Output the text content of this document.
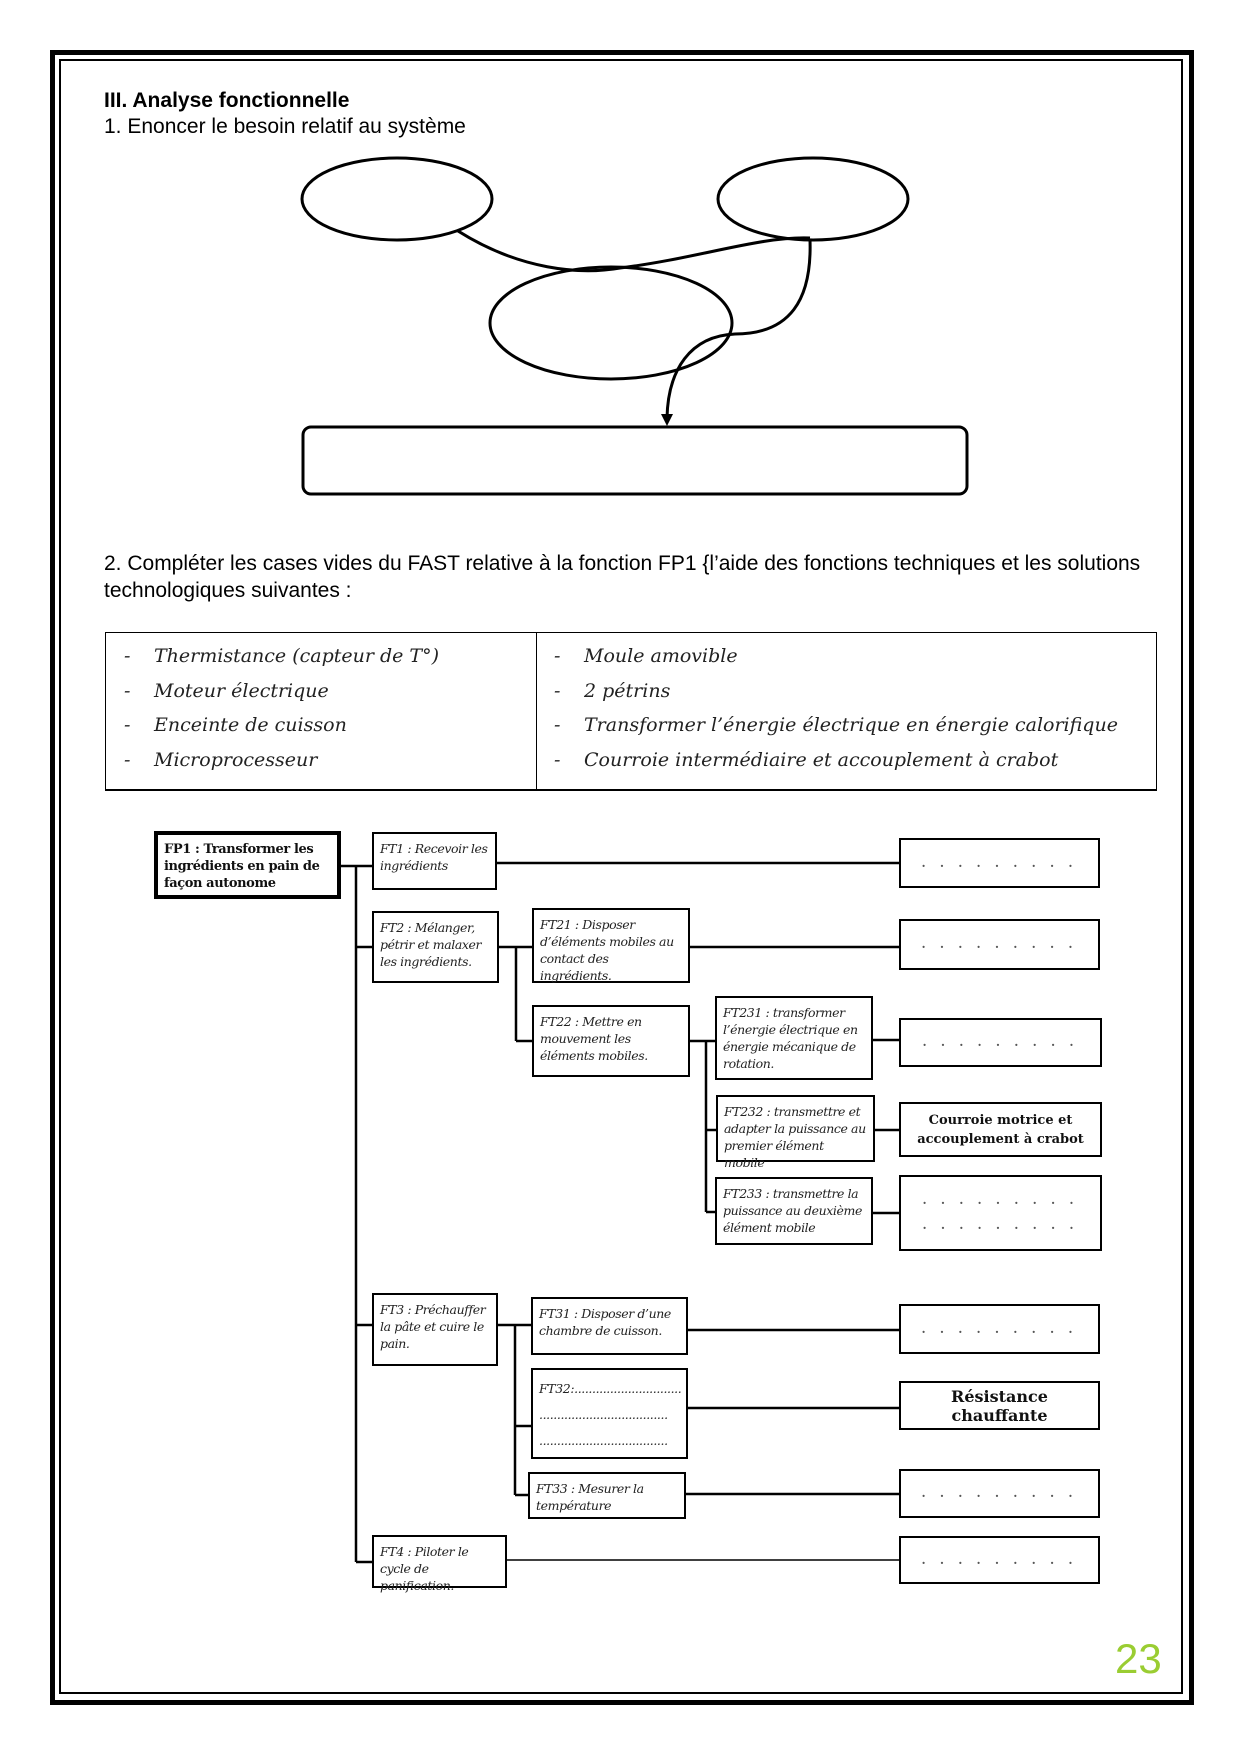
III. Analyse fonctionnelle
1. Enoncer le besoin relatif au système
2. Compléter les cases vides du FAST relative à la fonction FP1 {l’aide des fonctions techniques et les solutions technologiques suivantes :
- Thermistance (capteur de T°)
- Moteur électrique
- Enceinte de cuisson
- Microprocesseur
- Moule amovible
- 2 pétrins
- Transformer l’énergie électrique en énergie calorifique
- Courroie intermédiaire et accouplement à crabot
FP1 : Transformer les ingrédients en pain de façon autonome
FT1 : Recevoir les ingrédients
FT2 : Mélanger, pétrir et malaxer les ingrédients.
FT21 : Disposer d’éléments mobiles au contact des ingrédients.
FT22 : Mettre en mouvement les éléments mobiles.
FT231 : transformer l’énergie électrique en énergie mécanique de rotation.
FT232 : transmettre et adapter la puissance au premier élément mobile
FT233 : transmettre la puissance au deuxième élément mobile
FT3 : Préchauffer la pâte et cuire le pain.
FT31 : Disposer d’une chambre de cuisson.
FT32:..............................
....................................
....................................
FT33 : Mesurer la température
FT4 : Piloter le cycle de panification.
. . . . . . . . .
. . . . . . . . .
. . . . . . . . .
Courroie motrice et accouplement à crabot
. . . . . . . . .
. . . . . . . . .
. . . . . . . . .
Résistance chauffante
. . . . . . . . .
. . . . . . . . .
23
